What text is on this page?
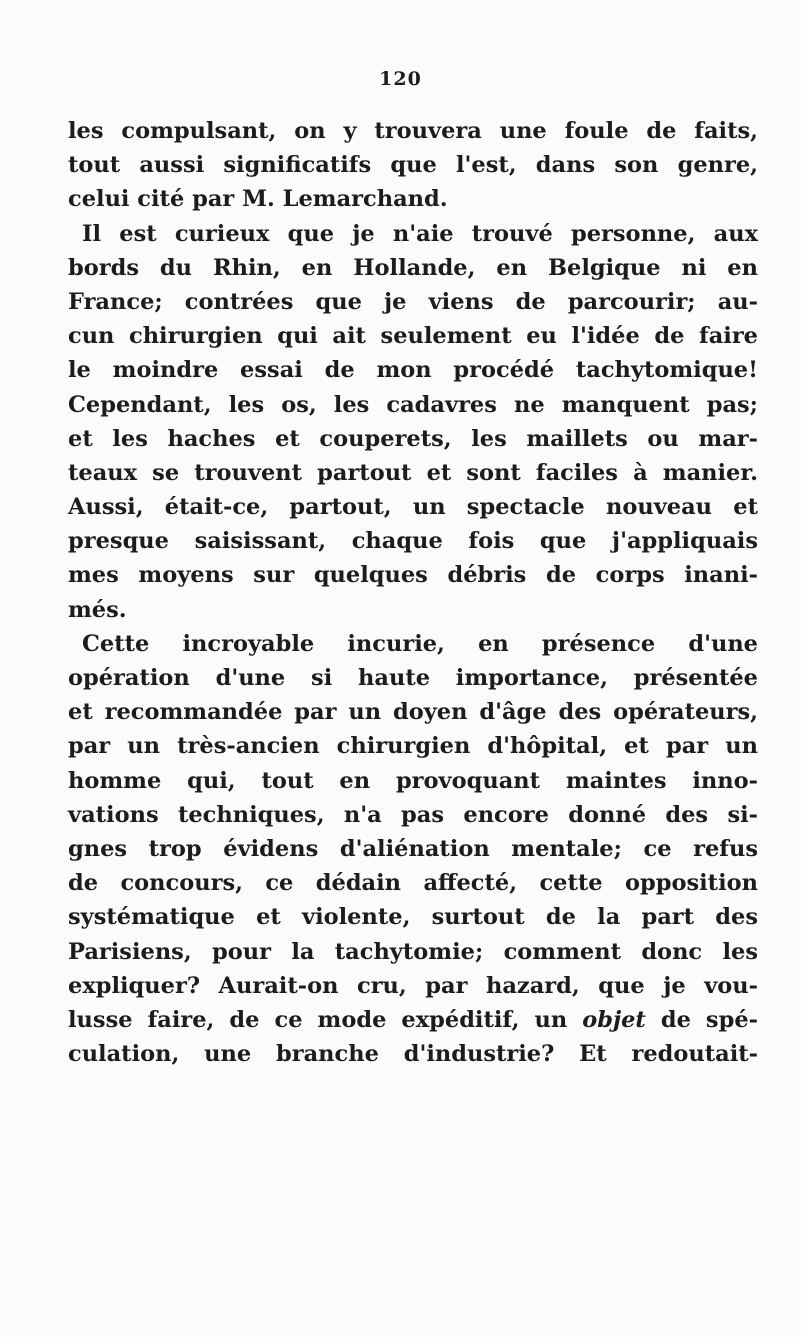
120
les compulsant, on y trouvera une foule de faits,
tout aussi significatifs que l'est, dans son genre,
celui cité par M. Lemarchand.
Il est curieux que je n'aie trouvé personne, aux
bords du Rhin, en Hollande, en Belgique ni en
France; contrées que je viens de parcourir; au-
cun chirurgien qui ait seulement eu l'idée de faire
le moindre essai de mon procédé tachytomique!
Cependant, les os, les cadavres ne manquent pas;
et les haches et couperets, les maillets ou mar-
teaux se trouvent partout et sont faciles à manier.
Aussi, était-ce, partout, un spectacle nouveau et
presque saisissant, chaque fois que j'appliquais
mes moyens sur quelques débris de corps inani-
més.
Cette incroyable incurie, en présence d'une
opération d'une si haute importance, présentée
et recommandée par un doyen d'âge des opérateurs,
par un très-ancien chirurgien d'hôpital, et par un
homme qui, tout en provoquant maintes inno-
vations techniques, n'a pas encore donné des si-
gnes trop évidens d'aliénation mentale; ce refus
de concours, ce dédain affecté, cette opposition
systématique et violente, surtout de la part des
Parisiens, pour la tachytomie; comment donc les
expliquer? Aurait-on cru, par hazard, que je vou-
lusse faire, de ce mode expéditif, un objet de spé-
culation, une branche d'industrie? Et redoutait-
